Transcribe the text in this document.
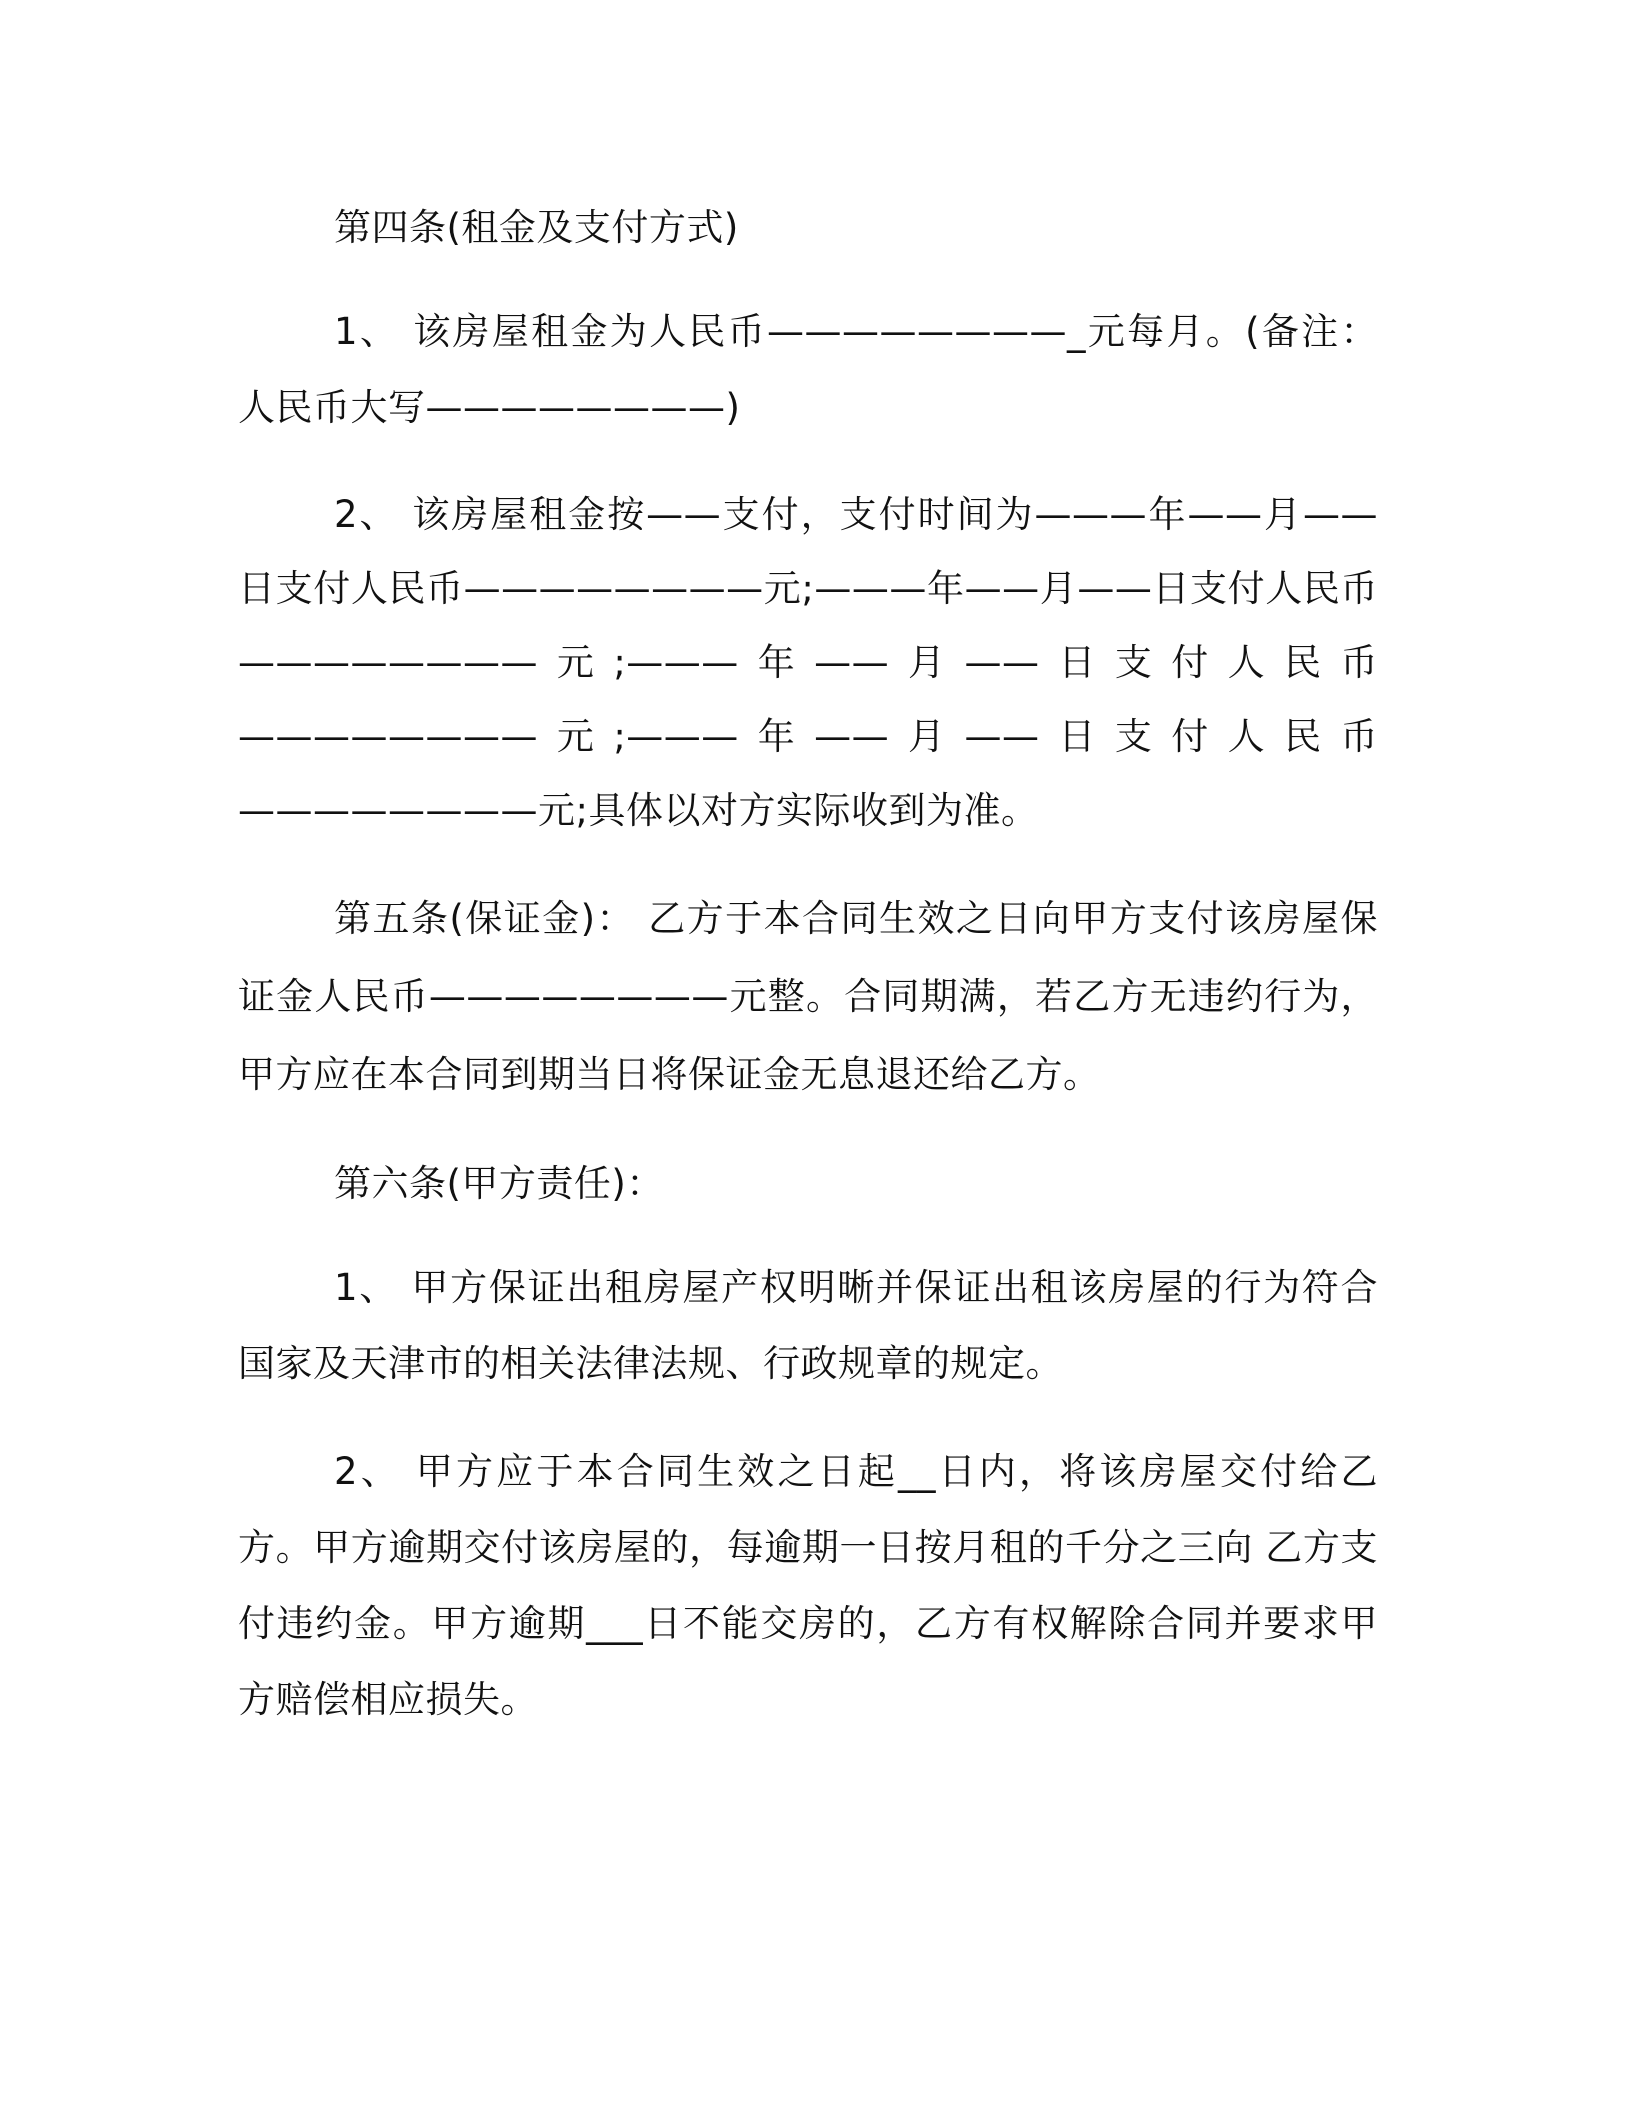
第四条(租金及支付方式)

1、 该房屋租金为人民币————————_元每月。(备注：人民币大写————————)

2、 该房屋租金按——支付，支付时间为———年——月——日支付人民币————————元;———年——月——日支付人民币————————元;———年——月——日支付人民币————————元;———年——月——日支付人民币————————元;具体以对方实际收到为准。

第五条(保证金)： 乙方于本合同生效之日向甲方支付该房屋保证金人民币————————元整。合同期满，若乙方无违约行为，甲方应在本合同到期当日将保证金无息退还给乙方。

第六条(甲方责任)：

1、 甲方保证出租房屋产权明晰并保证出租该房屋的行为符合国家及天津市的相关法律法规、行政规章的规定。

2、 甲方应于本合同生效之日起__日内，将该房屋交付给乙方。甲方逾期交付该房屋的，每逾期一日按月租的千分之三向 乙方支付违约金。甲方逾期___日不能交房的，乙方有权解除合同并要求甲方赔偿相应损失。
